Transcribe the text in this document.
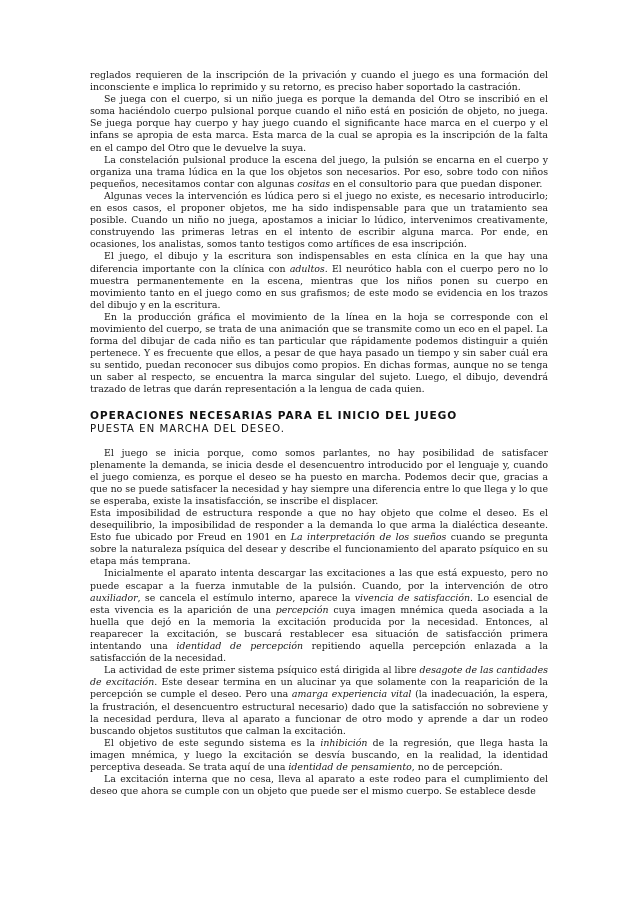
reglados requieren de la inscripción de la privación y cuando el juego es una formación del inconsciente e implica lo reprimido y su retorno, es preciso haber soportado la castración.

Se juega con el cuerpo, si un niño juega es porque la demanda del Otro se inscribió en el soma haciéndolo cuerpo pulsional porque cuando el niño está en posición de objeto, no juega. Se juega porque hay cuerpo y hay juego cuando el significante hace marca en el cuerpo y el infans se apropia de esta marca. Esta marca de la cual se apropia es la inscripción de la falta en el campo del Otro que le devuelve la suya.

La constelación pulsional produce la escena del juego, la pulsión se encarna en el cuerpo y organiza una trama lúdica en la que los objetos son necesarios. Por eso, sobre todo con niños pequeños, necesitamos contar con algunas cositas en el consultorio para que puedan disponer.

Algunas veces la intervención es lúdica pero si el juego no existe, es necesario introducirlo; en esos casos, el proponer objetos, me ha sido indispensable para que un tratamiento sea posible. Cuando un niño no juega, apostamos a iniciar lo lúdico, intervenimos creativamente, construyendo las primeras letras en el intento de escribir alguna marca. Por ende, en ocasiones, los analistas, somos tanto testigos como artífices de esa inscripción.

El juego, el dibujo y la escritura son indispensables en esta clínica en la que hay una diferencia importante con la clínica con adultos. El neurótico habla con el cuerpo pero no lo muestra permanentemente en la escena, mientras que los niños ponen su cuerpo en movimiento tanto en el juego como en sus grafismos; de este modo se evidencia en los trazos del dibujo y en la escritura.

En la producción gráfica el movimiento de la línea en la hoja se corresponde con el movimiento del cuerpo, se trata de una animación que se transmite como un eco en el papel. La forma del dibujar de cada niño es tan particular que rápidamente podemos distinguir a quién pertenece. Y es frecuente que ellos, a pesar de que haya pasado un tiempo y sin saber cuál era su sentido, puedan reconocer sus dibujos como propios. En dichas formas, aunque no se tenga un saber al respecto, se encuentra la marca singular del sujeto. Luego, el dibujo, devendrá trazado de letras que darán representación a la lengua de cada quien.

OPERACIONES NECESARIAS PARA EL INICIO DEL JUEGO
PUESTA EN MARCHA DEL DESEO.

El juego se inicia porque, como somos parlantes, no hay posibilidad de satisfacer plenamente la demanda, se inicia desde el desencuentro introducido por el lenguaje y, cuando el juego comienza, es porque el deseo se ha puesto en marcha. Podemos decir que, gracias a que no se puede satisfacer la necesidad y hay siempre una diferencia entre lo que llega y lo que se esperaba, existe la insatisfacción, se inscribe el displacer.

Esta imposibilidad de estructura responde a que no hay objeto que colme el deseo. Es el desequilibrio, la imposibilidad de responder a la demanda lo que arma la dialéctica deseante. Esto fue ubicado por Freud en 1901 en La interpretación de los sueños cuando se pregunta sobre la naturaleza psíquica del desear y describe el funcionamiento del aparato psíquico en su etapa más temprana.

Inicialmente el aparato intenta descargar las excitaciones a las que está expuesto, pero no puede escapar a la fuerza inmutable de la pulsión. Cuando, por la intervención de otro auxiliador, se cancela el estímulo interno, aparece la vivencia de satisfacción. Lo esencial de esta vivencia es la aparición de una percepción cuya imagen mnémica queda asociada a la huella que dejó en la memoria la excitación producida por la necesidad. Entonces, al reaparecer la excitación, se buscará restablecer esa situación de satisfacción primera intentando una identidad de percepción repitiendo aquella percepción enlazada a la satisfacción de la necesidad.

La actividad de este primer sistema psíquico está dirigida al libre desagote de las cantidades de excitación. Este desear termina en un alucinar ya que solamente con la reaparición de la percepción se cumple el deseo. Pero una amarga experiencia vital (la inadecuación, la espera, la frustración, el desencuentro estructural necesario) dado que la satisfacción no sobreviene y la necesidad perdura, lleva al aparato a funcionar de otro modo y aprende a dar un rodeo buscando objetos sustitutos que calman la excitación.

El objetivo de este segundo sistema es la inhibición de la regresión, que llega hasta la imagen mnémica, y luego la excitación se desvía buscando, en la realidad, la identidad perceptiva deseada. Se trata aquí de una identidad de pensamiento, no de percepción.

La excitación interna que no cesa, lleva al aparato a este rodeo para el cumplimiento del deseo que ahora se cumple con un objeto que puede ser el mismo cuerpo. Se establece desde
